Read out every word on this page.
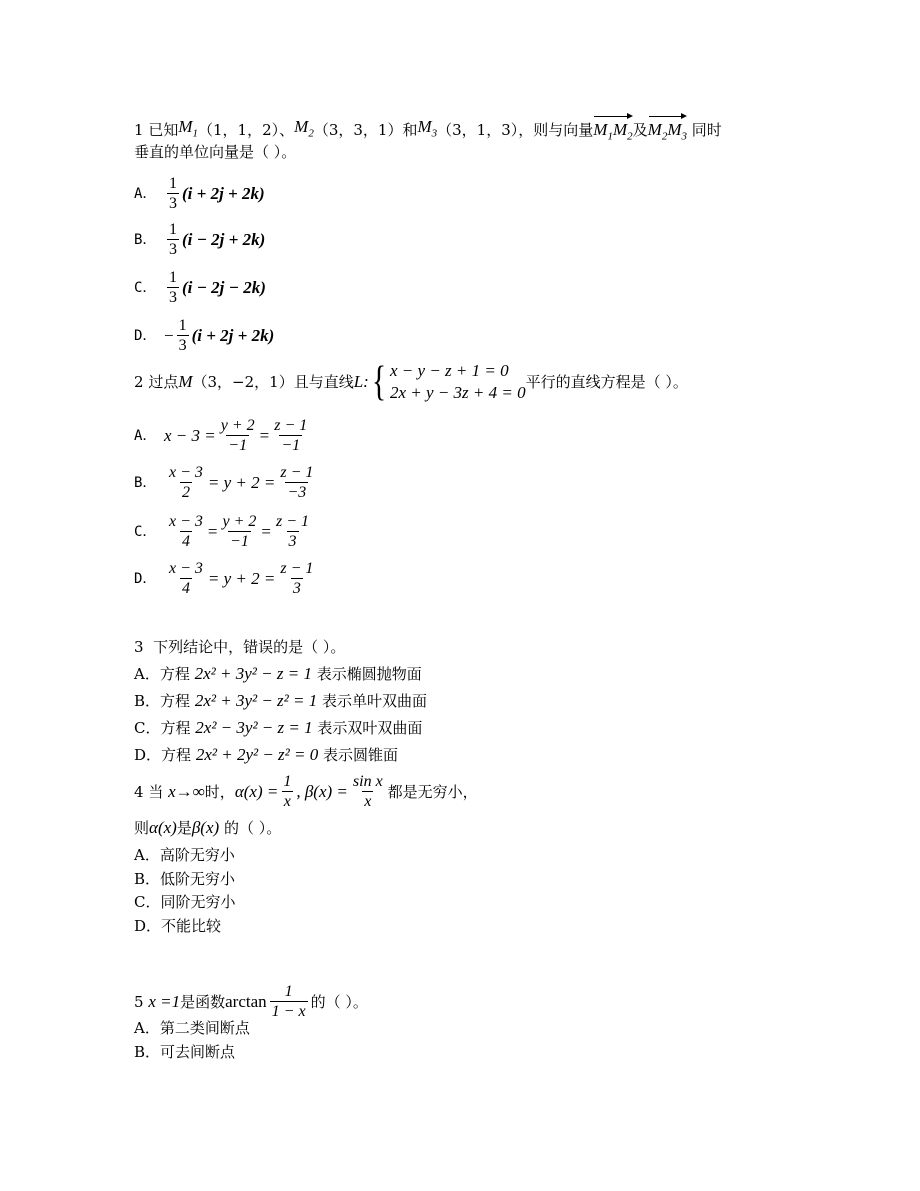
1
已知 $M_1$ （1，1，2）、 $M_2$ （3，3，1）和 $M_3$ （3，1，3），则与向量 $M_1M_2$ 及 $M_2M_3$
同时
垂直的单位向量是（ ）。
A． $\frac{1}{3} (i + 2j + 2k)$
B． $\frac{1}{3} (i - 2j + 2k)$
C． $\frac{1}{3} (i - 2j - 2k)$
D． − $\frac{1}{3} (i + 2j + 2k)$
2
过点 M （3，−2，1）且与直线 L: { x − y − z + 1 = 0
2x + y − 3z + 4 = 0
平行的直线方程是（ ）。
A． $x - 3 = \frac{y + 2}{-1} = \frac{z - 1}{-1}$
B． $\frac{x - 3}{2} = y + 2 = \frac{z - 1}{-3}$
C． $\frac{x - 3}{4} = \frac{y + 2}{-1} = \frac{z - 1}{3}$
D． $\frac{x - 3}{4} = y + 2 = \frac{z - 1}{3}$
3 下列结论中，错误的是（ ）。
A．方程 2x² + 3y² − z = 1 表示椭圆抛物面
B．方程 2x² + 3y² − z² = 1 表示单叶双曲面
C．方程 2x² − 3y² − z = 1 表示双叶双曲面
D．方程 2x² + 2y² − z² = 0 表示圆锥面
4
当
x→∞ 时， $\alpha(x) = \frac{1}{x}$ , $\beta(x) = \frac{\text{sin x}}{x}$ 都是无穷小，
则α(x)是β(x) 的（ ）。
A．高阶无穷小
B．低阶无穷小
C．同阶无穷小
D．不能比较
5
x =1 是函数 $\arctan \frac{1}{1 - x}$ 的（ ）。
A．第二类间断点
B．可去间断点
